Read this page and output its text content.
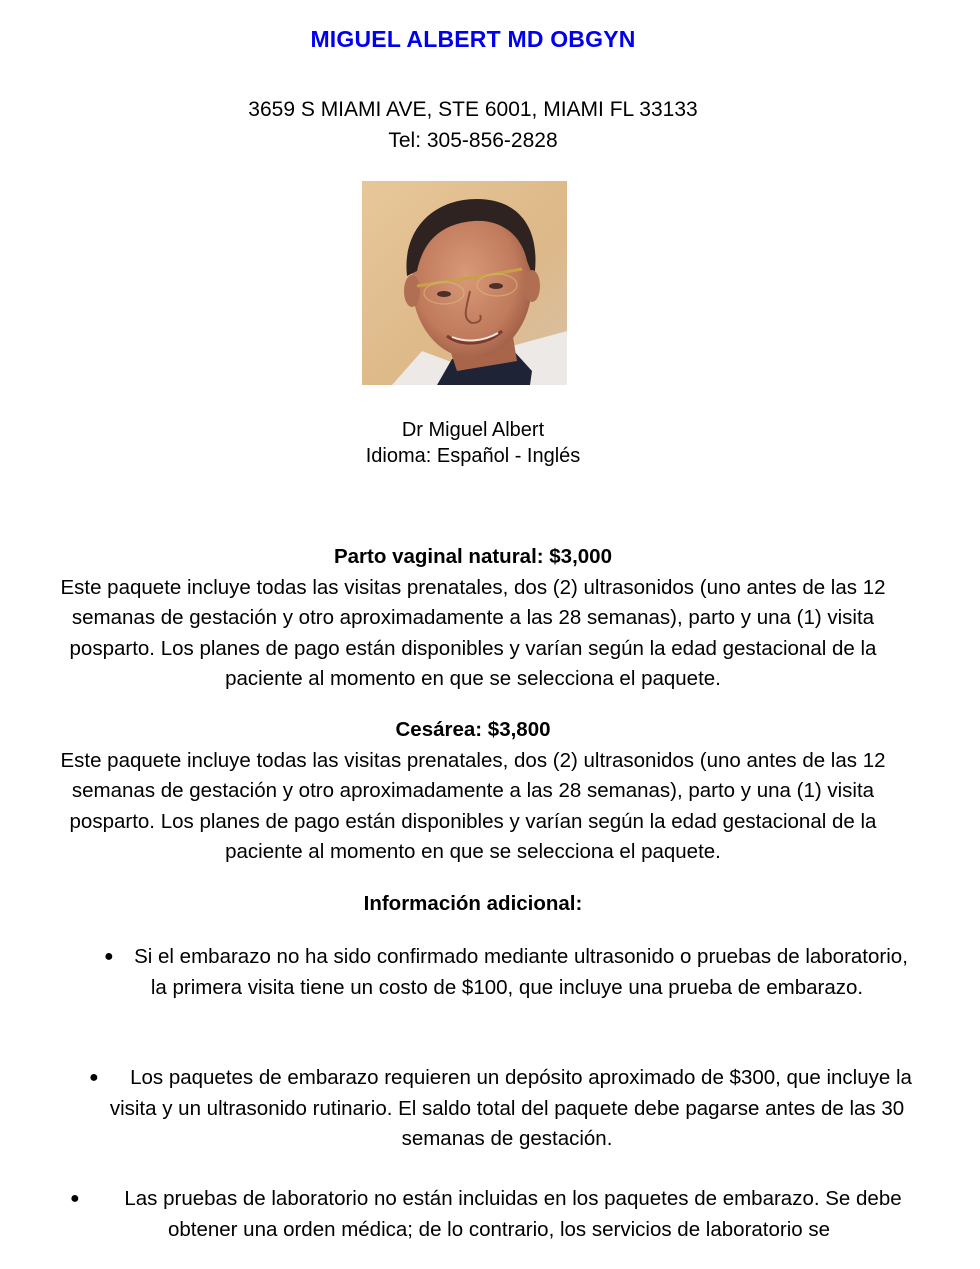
MIGUEL ALBERT MD OBGYN
3659 S MIAMI AVE, STE 6001, MIAMI FL 33133
Tel: 305-856-2828
Dr Miguel Albert
Idioma: Español - Inglés
Parto vaginal natural: $3,000
Este paquete incluye todas las visitas prenatales, dos (2) ultrasonidos (uno antes de las 12 semanas de gestación y otro aproximadamente a las 28 semanas), parto y una (1) visita posparto. Los planes de pago están disponibles y varían según la edad gestacional de la paciente al momento en que se selecciona el paquete.
Cesárea: $3,800
Este paquete incluye todas las visitas prenatales, dos (2) ultrasonidos (uno antes de las 12 semanas de gestación y otro aproximadamente a las 28 semanas), parto y una (1) visita posparto. Los planes de pago están disponibles y varían según la edad gestacional de la paciente al momento en que se selecciona el paquete.
Información adicional:
● Si el embarazo no ha sido confirmado mediante ultrasonido o pruebas de laboratorio, la primera visita tiene un costo de $100, que incluye una prueba de embarazo.
●	Los paquetes de embarazo requieren un depósito aproximado de $300, que incluye la visita y un ultrasonido rutinario. El saldo total del paquete debe pagarse antes de las 30 semanas de gestación.
●	Las pruebas de laboratorio no están incluidas en los paquetes de embarazo. Se debe obtener una orden médica; de lo contrario, los servicios de laboratorio se
